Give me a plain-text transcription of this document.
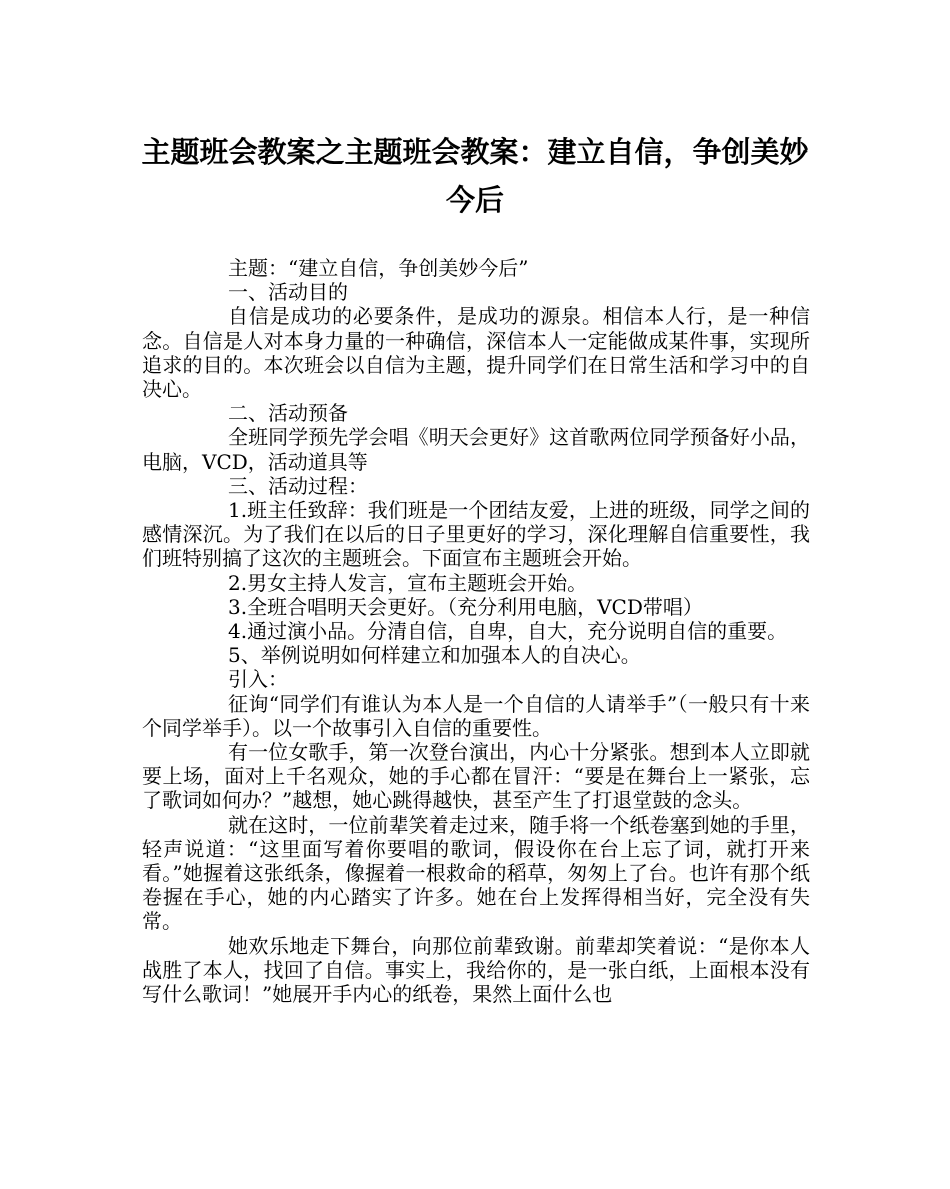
主题班会教案之主题班会教案：建立自信，争创美妙今后

主题：“建立自信，争创美妙今后”

一、活动目的

自信是成功的必要条件，是成功的源泉。相信本人行，是一种信念。自信是人对本身力量的一种确信，深信本人一定能做成某件事，实现所追求的目的。本次班会以自信为主题，提升同学们在日常生活和学习中的自决心。

二、活动预备

全班同学预先学会唱《明天会更好》这首歌两位同学预备好小品，电脑，VCD，活动道具等

三、活动过程：

1.班主任致辞：我们班是一个团结友爱，上进的班级，同学之间的感情深沉。为了我们在以后的日子里更好的学习，深化理解自信重要性，我们班特别搞了这次的主题班会。下面宣布主题班会开始。

2.男女主持人发言，宣布主题班会开始。

3.全班合唱明天会更好。（充分利用电脑，VCD带唱）

4.通过演小品。分清自信，自卑，自大，充分说明自信的重要。

5、举例说明如何样建立和加强本人的自决心。

引入：

征询“同学们有谁认为本人是一个自信的人请举手”（一般只有十来个同学举手）。以一个故事引入自信的重要性。

有一位女歌手，第一次登台演出，内心十分紧张。想到本人立即就要上场，面对上千名观众，她的手心都在冒汗：“要是在舞台上一紧张，忘了歌词如何办？”越想，她心跳得越快，甚至产生了打退堂鼓的念头。

就在这时，一位前辈笑着走过来，随手将一个纸卷塞到她的手里，轻声说道：“这里面写着你要唱的歌词，假设你在台上忘了词，就打开来看。”她握着这张纸条，像握着一根救命的稻草，匆匆上了台。也许有那个纸卷握在手心，她的内心踏实了许多。她在台上发挥得相当好，完全没有失常。

她欢乐地走下舞台，向那位前辈致谢。前辈却笑着说：“是你本人战胜了本人，找回了自信。事实上，我给你的，是一张白纸，上面根本没有写什么歌词！”她展开手内心的纸卷，果然上面什么也
